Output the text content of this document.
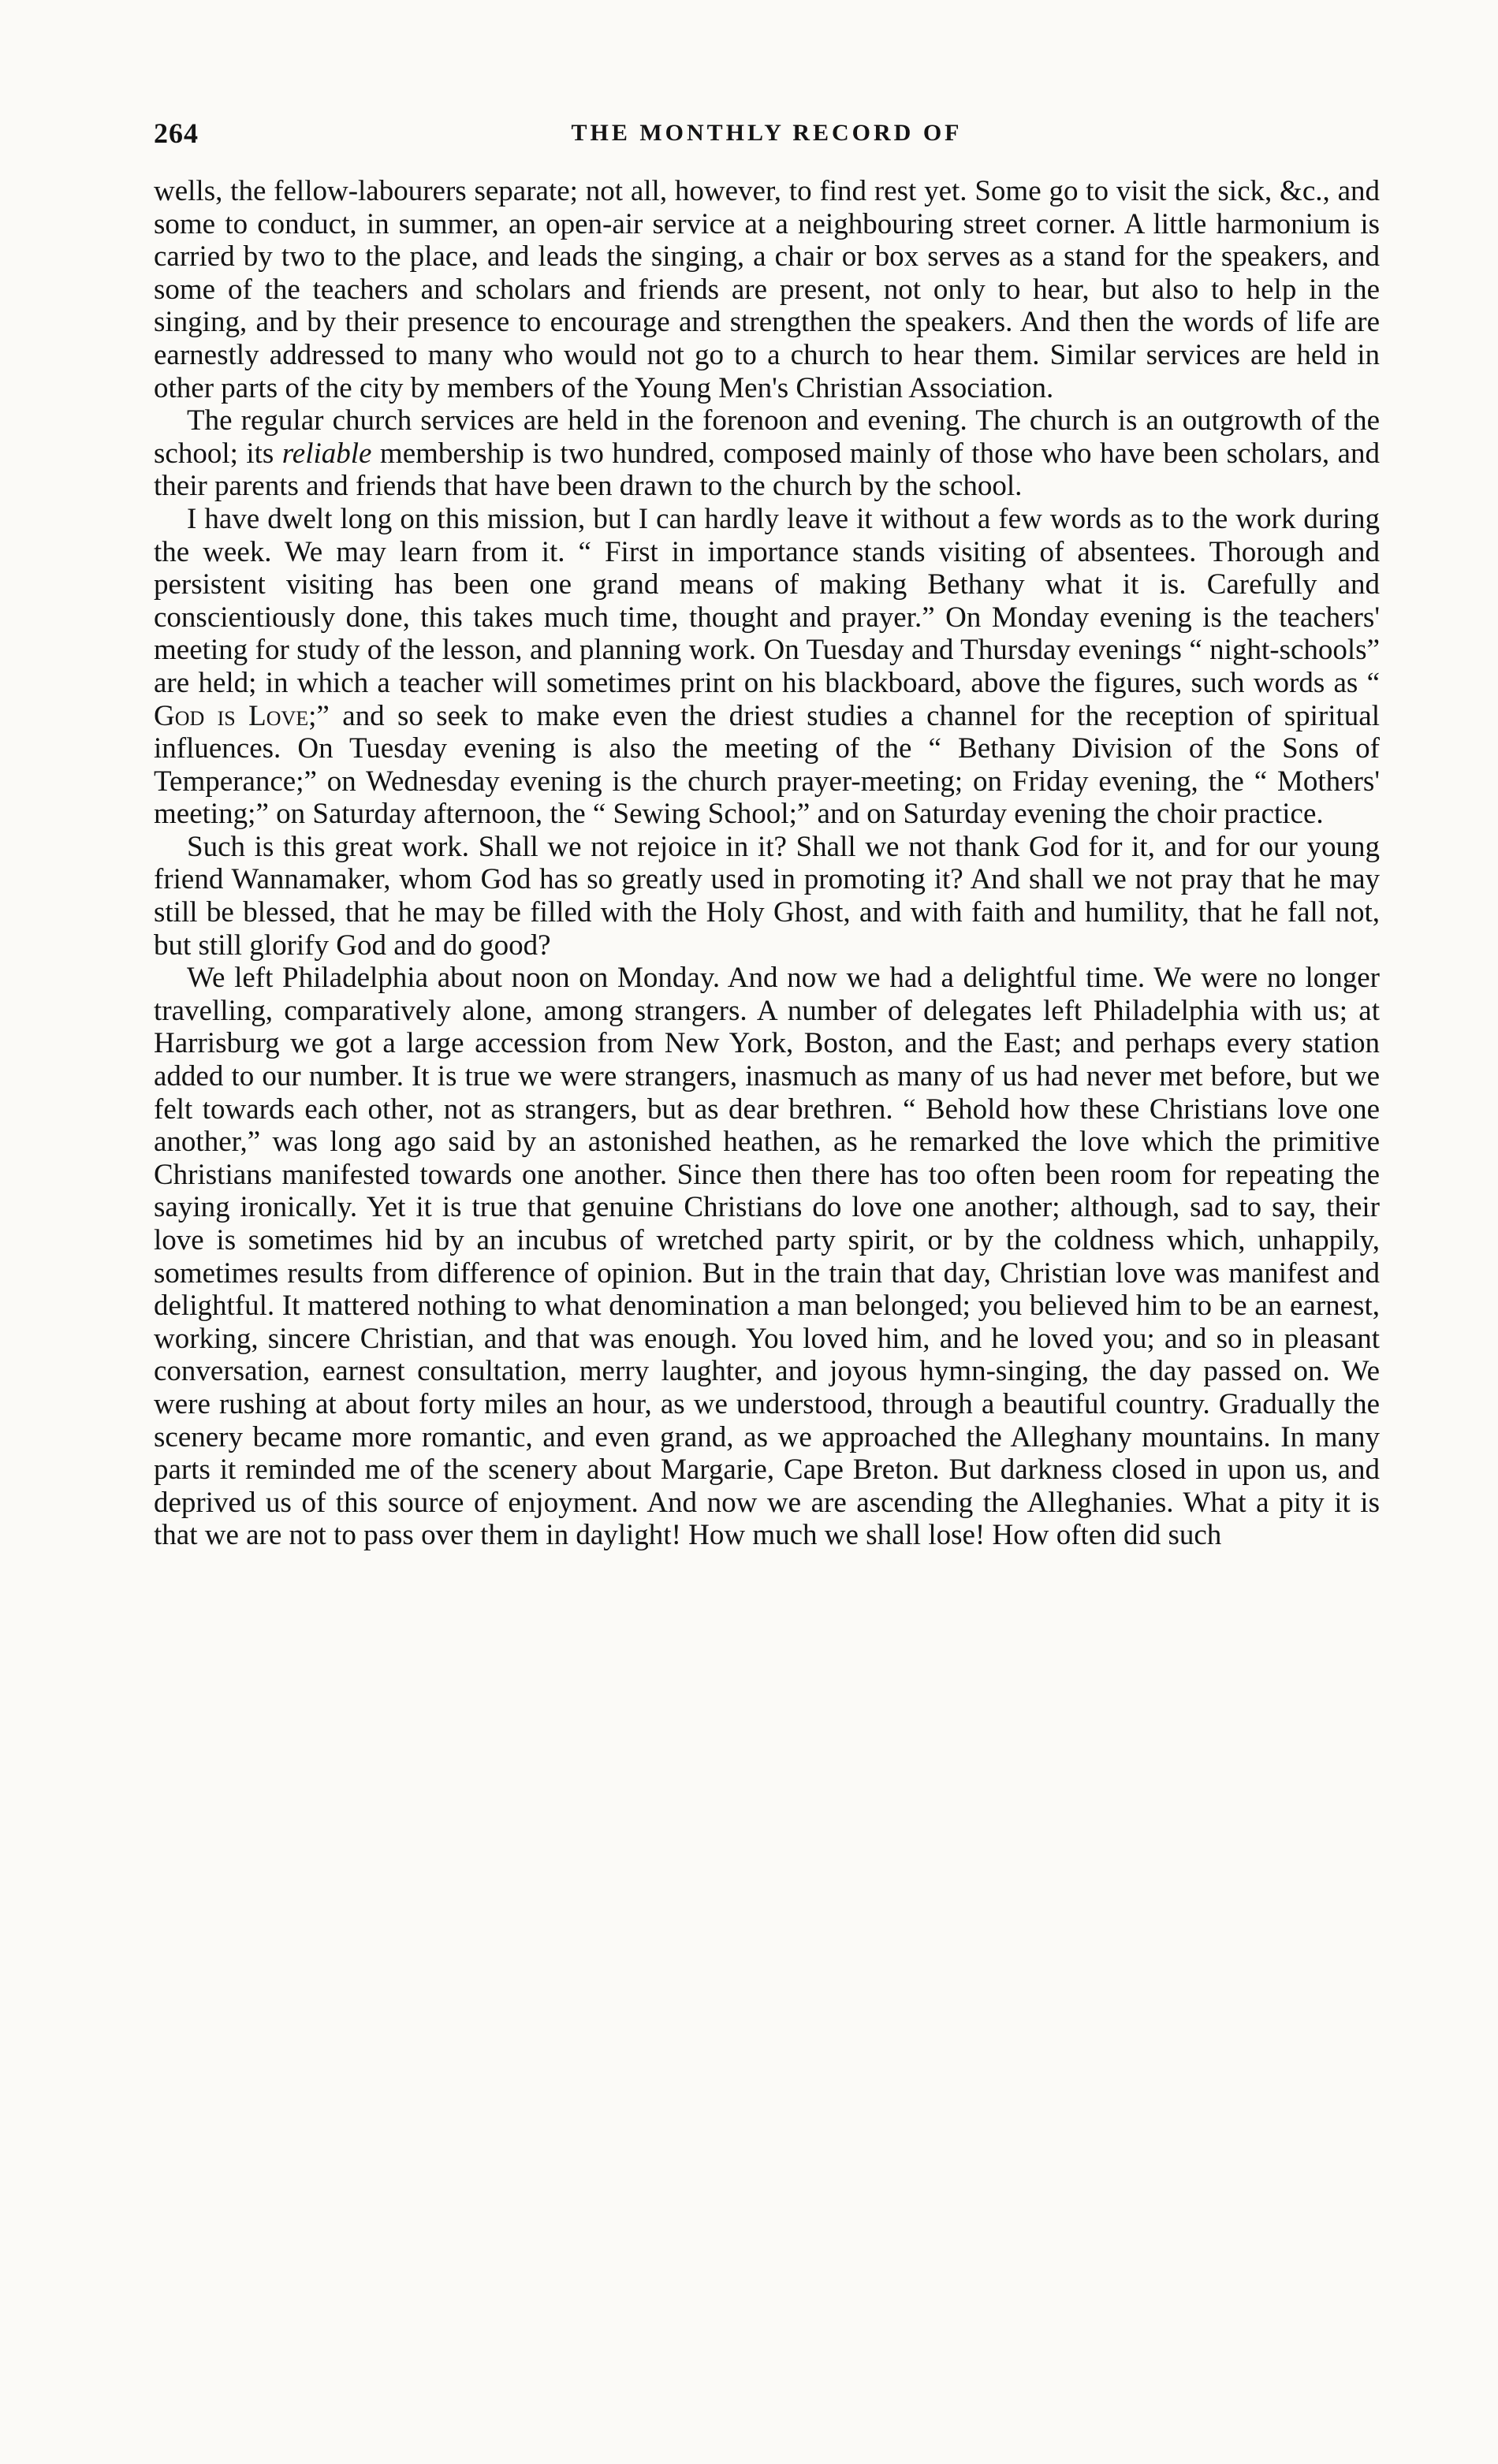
264	THE MONTHLY RECORD OF

wells, the fellow-labourers separate; not all, however, to find rest yet. Some go to visit the sick, &c., and some to conduct, in summer, an open-air service at a neighbouring street corner. A little harmonium is carried by two to the place, and leads the singing, a chair or box serves as a stand for the speakers, and some of the teachers and scholars and friends are present, not only to hear, but also to help in the singing, and by their presence to encourage and strengthen the speakers. And then the words of life are earnestly addressed to many who would not go to a church to hear them. Similar services are held in other parts of the city by members of the Young Men's Christian Association.

The regular church services are held in the forenoon and evening. The church is an outgrowth of the school; its reliable membership is two hundred, composed mainly of those who have been scholars, and their parents and friends that have been drawn to the church by the school.

I have dwelt long on this mission, but I can hardly leave it without a few words as to the work during the week. We may learn from it. “ First in importance stands visiting of absentees. Thorough and persistent visiting has been one grand means of making Bethany what it is. Carefully and conscientiously done, this takes much time, thought and prayer.” On Monday evening is the teachers' meeting for study of the lesson, and planning work. On Tuesday and Thursday evenings “ night-schools” are held; in which a teacher will sometimes print on his blackboard, above the figures, such words as “ God is Love;” and so seek to make even the driest studies a channel for the reception of spiritual influences. On Tuesday evening is also the meeting of the “ Bethany Division of the Sons of Temperance;” on Wednesday evening is the church prayer-meeting; on Friday evening, the “ Mothers' meeting;” on Saturday afternoon, the “ Sewing School;” and on Saturday evening the choir practice.

Such is this great work. Shall we not rejoice in it? Shall we not thank God for it, and for our young friend Wannamaker, whom God has so greatly used in promoting it? And shall we not pray that he may still be blessed, that he may be filled with the Holy Ghost, and with faith and humility, that he fall not, but still glorify God and do good?

We left Philadelphia about noon on Monday. And now we had a delightful time. We were no longer travelling, comparatively alone, among strangers. A number of delegates left Philadelphia with us; at Harrisburg we got a large accession from New York, Boston, and the East; and perhaps every station added to our number. It is true we were strangers, inasmuch as many of us had never met before, but we felt towards each other, not as strangers, but as dear brethren. “ Behold how these Christians love one another,” was long ago said by an astonished heathen, as he remarked the love which the primitive Christians manifested towards one another. Since then there has too often been room for repeating the saying ironically. Yet it is true that genuine Christians do love one another; although, sad to say, their love is sometimes hid by an incubus of wretched party spirit, or by the coldness which, unhappily, sometimes results from difference of opinion. But in the train that day, Christian love was manifest and delightful. It mattered nothing to what denomination a man belonged; you believed him to be an earnest, working, sincere Christian, and that was enough. You loved him, and he loved you; and so in pleasant conversation, earnest consultation, merry laughter, and joyous hymn-singing, the day passed on. We were rushing at about forty miles an hour, as we understood, through a beautiful country. Gradually the scenery became more romantic, and even grand, as we approached the Alleghany mountains. In many parts it reminded me of the scenery about Margarie, Cape Breton. But darkness closed in upon us, and deprived us of this source of enjoyment. And now we are ascending the Alleghanies. What a pity it is that we are not to pass over them in daylight! How much we shall lose! How often did such
